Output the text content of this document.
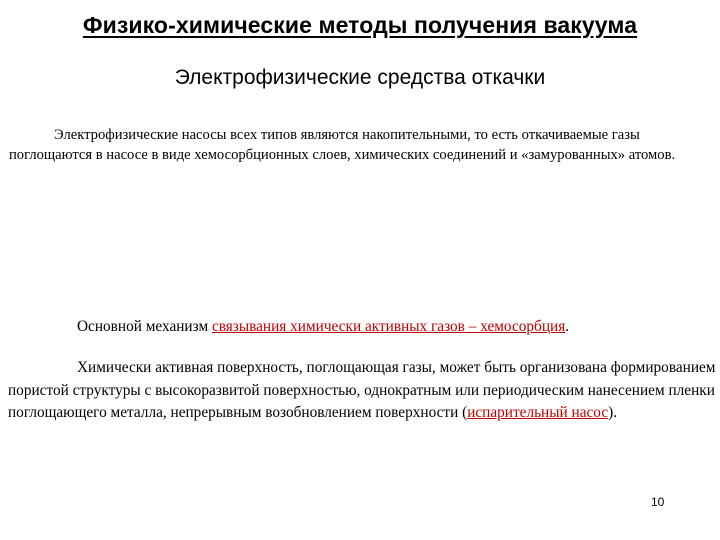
Физико-химические методы получения вакуума
Электрофизические средства откачки

Электрофизические насосы всех типов являются накопительными, то есть откачиваемые газы поглощаются в насосе в виде хемосорбционных слоев, химических соединений и «замурованных» атомов.

Основной механизм связывания химически активных газов – хемосорбция.

Химически активная поверхность, поглощающая газы, может быть организована формированием пористой структуры с высокоразвитой поверхностью, однократным или периодическим нанесением пленки поглощающего металла, непрерывным возобновлением поверхности (испарительный насос).

10
